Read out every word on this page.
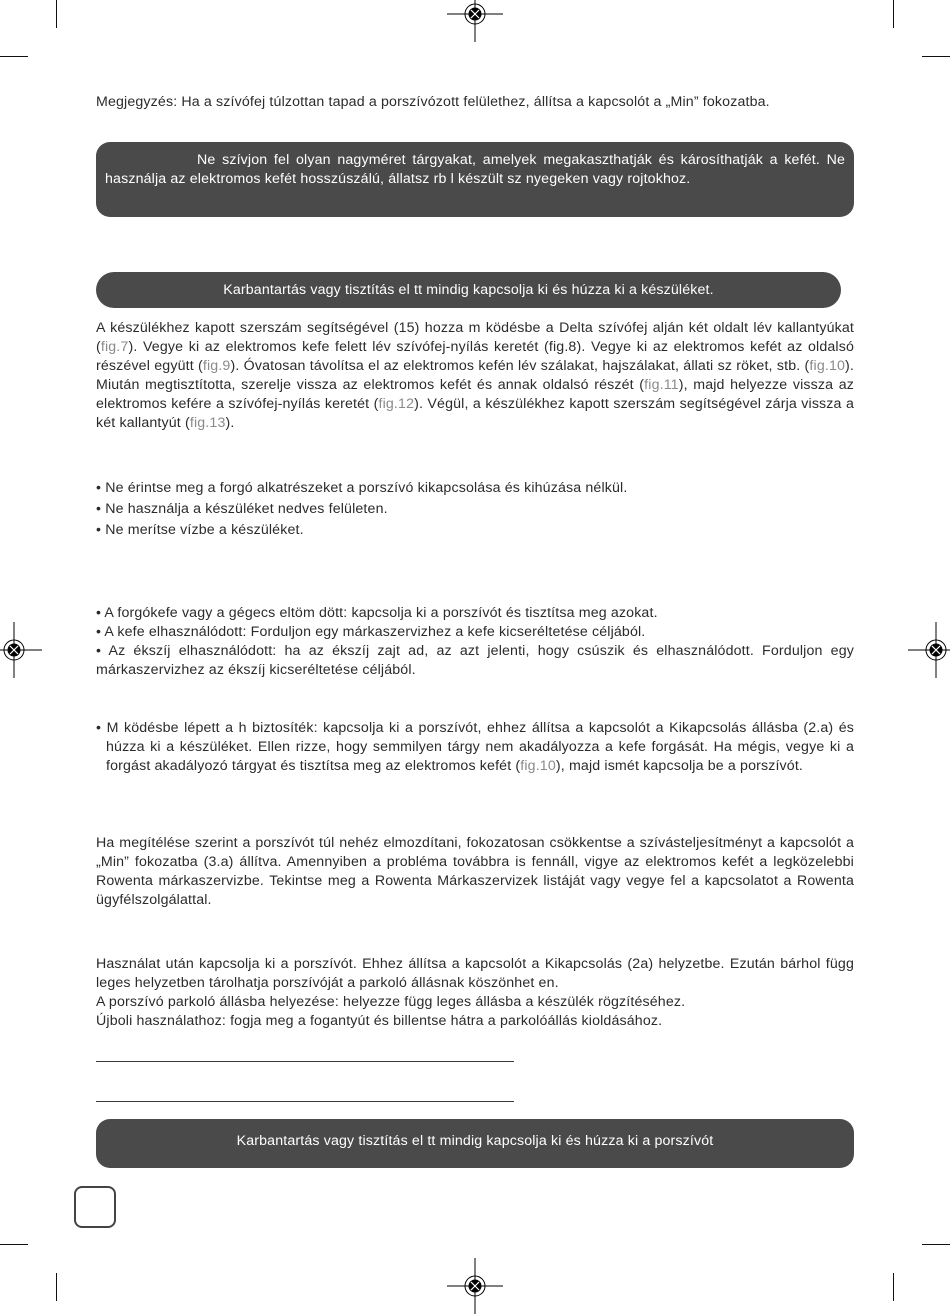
Megjegyzés: Ha a szívófej túlzottan tapad a porszívózott felülethez, állítsa a kapcsolót a „Min” fokozatba.

Ne szívjon fel olyan nagyméret tárgyakat, amelyek megakaszthatják és károsíthatják a kefét. Ne használja az elektromos kefét hosszúszálú, állatsz rb l készült sz nyegeken vagy rojtokhoz.

Karbantartás vagy tisztítás el tt mindig kapcsolja ki és húzza ki a készüléket.

A készülékhez kapott szerszám segítségével (15) hozza m ködésbe a Delta szívófej alján két oldalt lév kallantyúkat (fig.7). Vegye ki az elektromos kefe felett lév szívófej-nyílás keretét (fig.8). Vegye ki az elektromos kefét az oldalsó részével együtt (fig.9). Óvatosan távolítsa el az elektromos kefén lév szálakat, hajszálakat, állati sz röket, stb. (fig.10). Miután megtisztította, szerelje vissza az elektromos kefét és annak oldalsó részét (fig.11), majd helyezze vissza az elektromos kefére a szívófej-nyílás keretét (fig.12). Végül, a készülékhez kapott szerszám segítségével zárja vissza a két kallantyút (fig.13).

• Ne érintse meg a forgó alkatrészeket a porszívó kikapcsolása és kihúzása nélkül.

• Ne használja a készüléket nedves felületen.

• Ne merítse vízbe a készüléket.

• A forgókefe vagy a gégecs eltöm dött: kapcsolja ki a porszívót és tisztítsa meg azokat.

• A kefe elhasználódott: Forduljon egy márkaszervizhez a kefe kicseréltetése céljából.

• Az ékszíj elhasználódott: ha az ékszíj zajt ad, az azt jelenti, hogy csúszik és elhasználódott. Forduljon egy márkaszervizhez az ékszíj kicseréltetése céljából.

• M ködésbe lépett a h biztosíték: kapcsolja ki a porszívót, ehhez állítsa a kapcsolót a Kikapcsolás állásba (2.a) és húzza ki a készüléket. Ellen rizze, hogy semmilyen tárgy nem akadályozza a kefe forgását. Ha mégis, vegye ki a forgást akadályozó tárgyat és tisztítsa meg az elektromos kefét (fig.10), majd ismét kapcsolja be a porszívót.

Ha megítélése szerint a porszívót túl nehéz elmozdítani, fokozatosan csökkentse a szívásteljesítményt a kapcsolót a „Min” fokozatba (3.a) állítva. Amennyiben a probléma továbbra is fennáll, vigye az elektromos kefét a legközelebbi Rowenta márkaszervizbe. Tekintse meg a Rowenta Márkaszervizek listáját vagy vegye fel a kapcsolatot a Rowenta ügyfélszolgálattal.

Használat után kapcsolja ki a porszívót. Ehhez állítsa a kapcsolót a Kikapcsolás (2a) helyzetbe. Ezután bárhol függ leges helyzetben tárolhatja porszívóját a parkoló állásnak köszönhet en.

A porszívó parkoló állásba helyezése: helyezze függ leges állásba a készülék rögzítéséhez.

Újboli használathoz: fogja meg a fogantyút és billentse hátra a parkolóállás kioldásához.

Karbantartás vagy tisztítás el tt mindig kapcsolja ki és húzza ki a porszívót
